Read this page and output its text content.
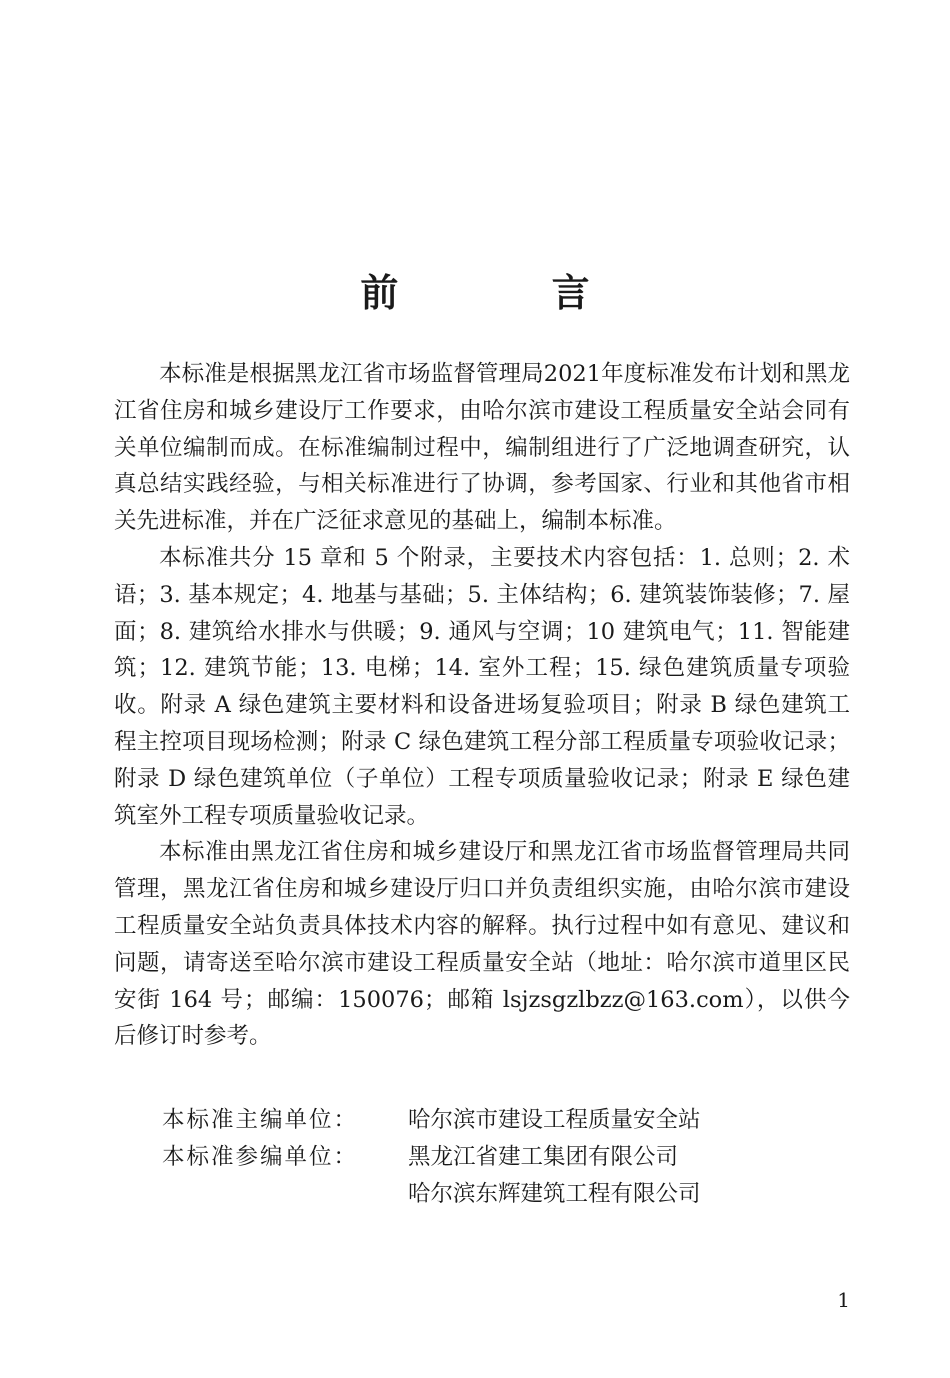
前 言

本标准是根据黑龙江省市场监督管理局2021年度标准发布计划和黑龙江省住房和城乡建设厅工作要求，由哈尔滨市建设工程质量安全站会同有关单位编制而成。在标准编制过程中，编制组进行了广泛地调查研究，认真总结实践经验，与相关标准进行了协调，参考国家、行业和其他省市相关先进标准，并在广泛征求意见的基础上，编制本标准。

本标准共分 15 章和 5 个附录，主要技术内容包括：1. 总则；2. 术语；3. 基本规定；4. 地基与基础；5. 主体结构；6. 建筑装饰装修；7. 屋面；8. 建筑给水排水与供暖；9. 通风与空调；10 建筑电气；11. 智能建筑；12. 建筑节能；13. 电梯；14. 室外工程；15. 绿色建筑质量专项验收。附录 A 绿色建筑主要材料和设备进场复验项目；附录 B 绿色建筑工程主控项目现场检测；附录 C 绿色建筑工程分部工程质量专项验收记录；附录 D 绿色建筑单位（子单位）工程专项质量验收记录；附录 E 绿色建筑室外工程专项质量验收记录。

本标准由黑龙江省住房和城乡建设厅和黑龙江省市场监督管理局共同管理，黑龙江省住房和城乡建设厅归口并负责组织实施，由哈尔滨市建设工程质量安全站负责具体技术内容的解释。执行过程中如有意见、建议和问题，请寄送至哈尔滨市建设工程质量安全站（地址：哈尔滨市道里区民安街 164 号；邮编：150076；邮箱 lsjzsgzlbzz@163.com），以供今后修订时参考。

本标准主编单位：	哈尔滨市建设工程质量安全站
本标准参编单位：	黑龙江省建工集团有限公司
哈尔滨东辉建筑工程有限公司
1
